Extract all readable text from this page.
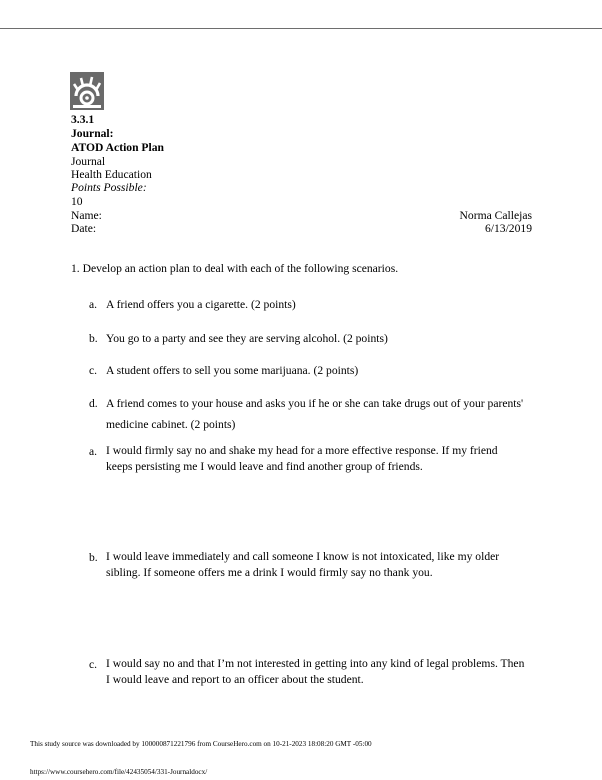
3.3.1
Journal:
ATOD Action Plan
Journal
Health Education
Points Possible:
10
Name:	Norma Callejas
Date:	6/13/2019
1. Develop an action plan to deal with each of the following scenarios.
a. A friend offers you a cigarette. (2 points)
b. You go to a party and see they are serving alcohol. (2 points)
c. A student offers to sell you some marijuana. (2 points)
d. A friend comes to your house and asks you if he or she can take drugs out of your parents'
medicine cabinet. (2 points)
a. I would firmly say no and shake my head for a more effective response. If my friend keeps persisting me I would leave and find another group of friends.
b. I would leave immediately and call someone I know is not intoxicated, like my older sibling. If someone offers me a drink I would firmly say no thank you.
c. I would say no and that I’m not interested in getting into any kind of legal problems. Then I would leave and report to an officer about the student.
This study source was downloaded by 100000871221796 from CourseHero.com on 10-21-2023 18:08:20 GMT -05:00
https://www.coursehero.com/file/42435054/331-Journaldocx/
